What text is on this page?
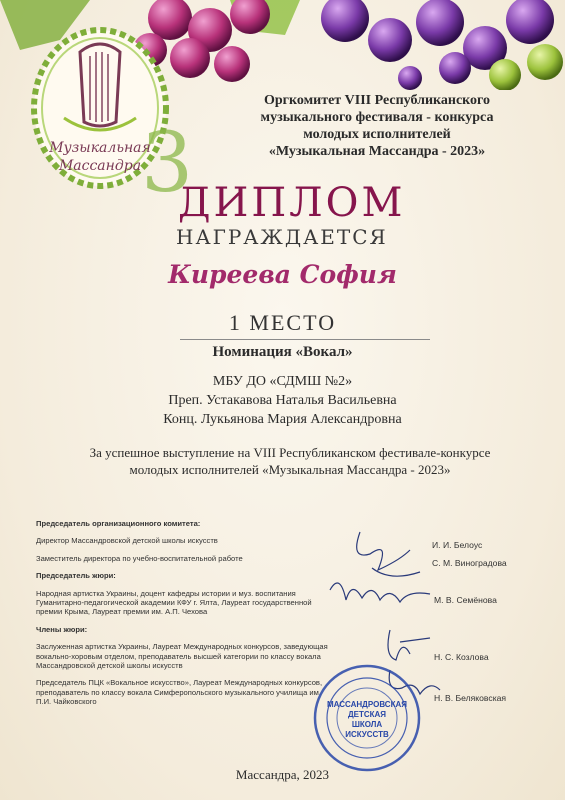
Музыкальная
Массандра 3
Оргкомитет VIII Республиканского
музыкального фестиваля - конкурса
молодых исполнителей
«Музыкальная Массандра - 2023»
ДИПЛОМ
НАГРАЖДАЕТСЯ
Киреева София
1 МЕСТО
Номинация «Вокал»
МБУ ДО «СДМШ №2»
Преп. Устакавова Наталья Васильевна
Конц. Лукьянова Мария Александровна
За успешное выступление на VIII Республиканском фестивале-конкурсе
молодых исполнителей «Музыкальная Массандра - 2023»
Председатель организационного комитета:
Директор Массандровской детской школы искусств
Заместитель директора по учебно-воспитательной работе
Председатель жюри:
Народная артистка Украины, доцент кафедры истории и муз. воспитания Гуманитарно-педагогической академии КФУ г. Ялта, Лауреат государственной премии Крыма, Лауреат премии им. А.П. Чехова
Члены жюри:
Заслуженная артистка Украины, Лауреат Международных конкурсов, заведующая вокально-хоровым отделом, преподаватель высшей категории по классу вокала Массандровской детской школы искусств
Председатель ПЦК «Вокальное искусство», Лауреат Международных конкурсов, преподаватель по классу вокала Симферопольского музыкального училища им. П.И. Чайковского
И. И. Белоус
С. М. Виноградова
М. В. Семёнова
Н. С. Козлова
Н. В. Беляковская
МАССАНДРОВСКАЯ
ДЕТСКАЯ
ШКОЛА
ИСКУССТВ
Массандра, 2023
